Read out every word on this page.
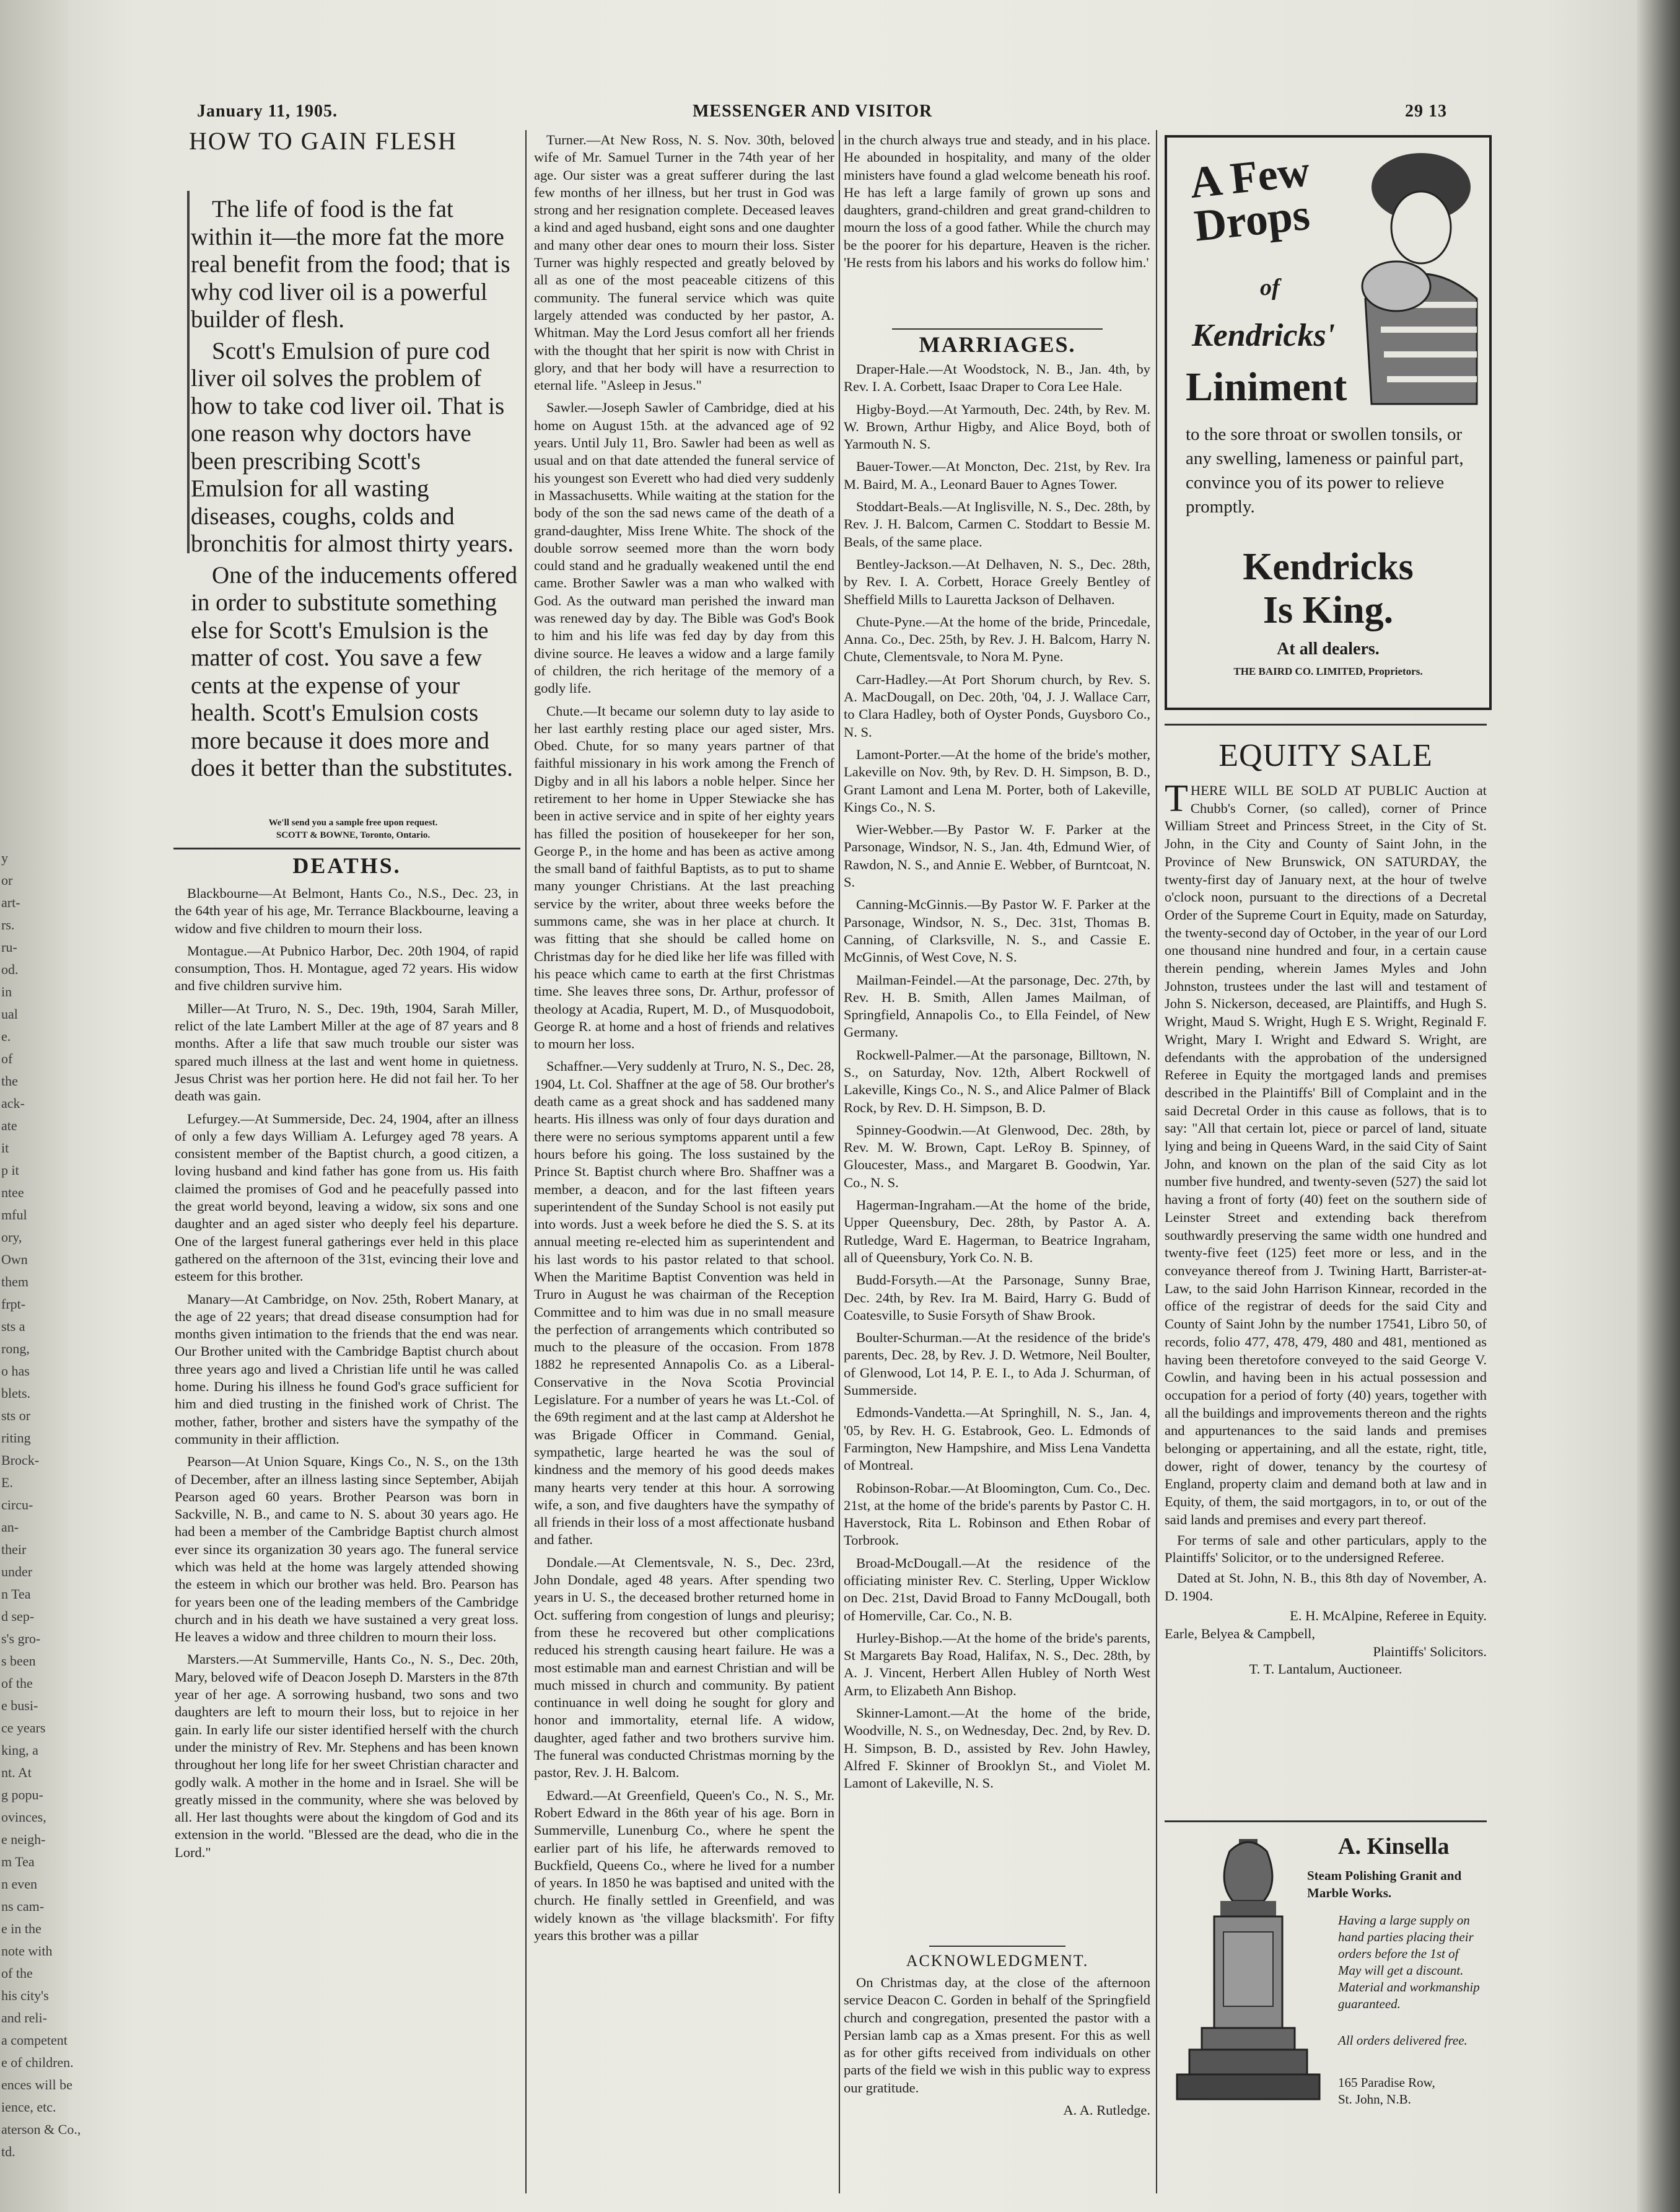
y
or
art-
rs.
ru-
od.
in
ual
e.
of
the
ack-
ate
it
p it
ntee
mful
ory,
Own
them
frpt-
sts a
rong,
o has
blets.
sts or
riting
Brock-
E.
circu-
an-
their
under
n Tea
d sep-
s's gro-
s been
of the
e busi-
ce years
king, a
nt. At
g popu-
ovinces,
e neigh-
m Tea
n even
ns cam-
e in the
note with
of the
his city's
and reli-
a competent
e of children.
ences will be
ience, etc.
aterson & Co.,
td.
January 11, 1905.	MESSENGER AND VISITOR	29 13
HOW TO GAIN FLESH

The life of food is the fat within it—the more fat the more real benefit from the food; that is why cod liver oil is a powerful builder of flesh.

Scott's Emulsion of pure cod liver oil solves the problem of how to take cod liver oil. That is one reason why doctors have been prescribing Scott's Emulsion for all wasting diseases, coughs, colds and bronchitis for almost thirty years.

One of the inducements offered in order to substitute something else for Scott's Emulsion is the matter of cost. You save a few cents at the expense of your health. Scott's Emulsion costs more because it does more and does it better than the substitutes.

We'll send you a sample free upon request.
SCOTT & BOWNE, Toronto, Ontario.
DEATHS.

Blackbourne—At Belmont, Hants Co., N.S., Dec. 23, in the 64th year of his age, Mr. Terrance Blackbourne, leaving a widow and five children to mourn their loss.

Montague.—At Pubnico Harbor, Dec. 20th 1904, of rapid consumption, Thos. H. Montague, aged 72 years. His widow and five children survive him.

Miller—At Truro, N. S., Dec. 19th, 1904, Sarah Miller, relict of the late Lambert Miller at the age of 87 years and 8 months. After a life that saw much trouble our sister was spared much illness at the last and went home in quietness. Jesus Christ was her portion here. He did not fail her. To her death was gain.

Lefurgey.—At Summerside, Dec. 24, 1904, after an illness of only a few days William A. Lefurgey aged 78 years. A consistent member of the Baptist church, a good citizen, a loving husband and kind father has gone from us. His faith claimed the promises of God and he peacefully passed into the great world beyond, leaving a widow, six sons and one daughter and an aged sister who deeply feel his departure. One of the largest funeral gatherings ever held in this place gathered on the afternoon of the 31st, evincing their love and esteem for this brother.

Manary—At Cambridge, on Nov. 25th, Robert Manary, at the age of 22 years; that dread disease consumption had for months given intimation to the friends that the end was near. Our Brother united with the Cambridge Baptist church about three years ago and lived a Christian life until he was called home. During his illness he found God's grace sufficient for him and died trusting in the finished work of Christ. The mother, father, brother and sisters have the sympathy of the community in their affliction.

Pearson—At Union Square, Kings Co., N. S., on the 13th of December, after an illness lasting since September, Abijah Pearson aged 60 years. Brother Pearson was born in Sackville, N. B., and came to N. S. about 30 years ago. He had been a member of the Cambridge Baptist church almost ever since its organization 30 years ago. The funeral service which was held at the home was largely attended showing the esteem in which our brother was held. Bro. Pearson has for years been one of the leading members of the Cambridge church and in his death we have sustained a very great loss. He leaves a widow and three children to mourn their loss.

Marsters.—At Summerville, Hants Co., N. S., Dec. 20th, Mary, beloved wife of Deacon Joseph D. Marsters in the 87th year of her age. A sorrowing husband, two sons and two daughters are left to mourn their loss, but to rejoice in her gain. In early life our sister identified herself with the church under the ministry of Rev. Mr. Stephens and has been known throughout her long life for her sweet Christian character and godly walk. A mother in the home and in Israel. She will be greatly missed in the community, where she was beloved by all. Her last thoughts were about the kingdom of God and its extension in the world. "Blessed are the dead, who die in the Lord."

Turner.—At New Ross, N. S. Nov. 30th, beloved wife of Mr. Samuel Turner in the 74th year of her age. Our sister was a great sufferer during the last few months of her illness, but her trust in God was strong and her resignation complete. Deceased leaves a kind and aged husband, eight sons and one daughter and many other dear ones to mourn their loss. Sister Turner was highly respected and greatly beloved by all as one of the most peaceable citizens of this community. The funeral service which was quite largely attended was conducted by her pastor, A. Whitman. May the Lord Jesus comfort all her friends with the thought that her spirit is now with Christ in glory, and that her body will have a resurrection to eternal life. "Asleep in Jesus."

Sawler.—Joseph Sawler of Cambridge, died at his home on August 15th. at the advanced age of 92 years. Until July 11, Bro. Sawler had been as well as usual and on that date attended the funeral service of his youngest son Everett who had died very suddenly in Massachusetts. While waiting at the station for the body of the son the sad news came of the death of a grand-daughter, Miss Irene White. The shock of the double sorrow seemed more than the worn body could stand and he gradually weakened until the end came. Brother Sawler was a man who walked with God. As the outward man perished the inward man was renewed day by day. The Bible was God's Book to him and his life was fed day by day from this divine source. He leaves a widow and a large family of children, the rich heritage of the memory of a godly life.

Chute.—It became our solemn duty to lay aside to her last earthly resting place our aged sister, Mrs. Obed. Chute, for so many years partner of that faithful missionary in his work among the French of Digby and in all his labors a noble helper. Since her retirement to her home in Upper Stewiacke she has been in active service and in spite of her eighty years has filled the position of housekeeper for her son, George P., in the home and has been as active among the small band of faithful Baptists, as to put to shame many younger Christians. At the last preaching service by the writer, about three weeks before the summons came, she was in her place at church. It was fitting that she should be called home on Christmas day for he died like her life was filled with his peace which came to earth at the first Christmas time. She leaves three sons, Dr. Arthur, professor of theology at Acadia, Rupert, M. D., of Musquodoboit, George R. at home and a host of friends and relatives to mourn her loss.

Schaffner.—Very suddenly at Truro, N. S., Dec. 28, 1904, Lt. Col. Shaffner at the age of 58. Our brother's death came as a great shock and has saddened many hearts. His illness was only of four days duration and there were no serious symptoms apparent until a few hours before his going. The loss sustained by the Prince St. Baptist church where Bro. Shaffner was a member, a deacon, and for the last fifteen years superintendent of the Sunday School is not easily put into words. Just a week before he died the S. S. at its annual meeting re-elected him as superintendent and his last words to his pastor related to that school. When the Maritime Baptist Convention was held in Truro in August he was chairman of the Reception Committee and to him was due in no small measure the perfection of arrangements which contributed so much to the pleasure of the occasion. From 1878 1882 he represented Annapolis Co. as a Liberal-Conservative in the Nova Scotia Provincial Legislature. For a number of years he was Lt.-Col. of the 69th regiment and at the last camp at Aldershot he was Brigade Officer in Command. Genial, sympathetic, large hearted he was the soul of kindness and the memory of his good deeds makes many hearts very tender at this hour. A sorrowing wife, a son, and five daughters have the sympathy of all friends in their loss of a most affectionate husband and father.

Dondale.—At Clementsvale, N. S., Dec. 23rd, John Dondale, aged 48 years. After spending two years in U. S., the deceased brother returned home in Oct. suffering from congestion of lungs and pleurisy; from these he recovered but other complications reduced his strength causing heart failure. He was a most estimable man and earnest Christian and will be much missed in church and community. By patient continuance in well doing he sought for glory and honor and immortality, eternal life. A widow, daughter, aged father and two brothers survive him. The funeral was conducted Christmas morning by the pastor, Rev. J. H. Balcom.

Edward.—At Greenfield, Queen's Co., N. S., Mr. Robert Edward in the 86th year of his age. Born in Summerville, Lunenburg Co., where he spent the earlier part of his life, he afterwards removed to Buckfield, Queens Co., where he lived for a number of years. In 1850 he was baptised and united with the church. He finally settled in Greenfield, and was widely known as 'the village blacksmith'. For fifty years this brother was a pillar

in the church always true and steady, and in his place. He abounded in hospitality, and many of the older ministers have found a glad welcome beneath his roof. He has left a large family of grown up sons and daughters, grand-children and great grand-children to mourn the loss of a good father. While the church may be the poorer for his departure, Heaven is the richer. 'He rests from his labors and his works do follow him.'

MARRIAGES.

Draper-Hale.—At Woodstock, N. B., Jan. 4th, by Rev. I. A. Corbett, Isaac Draper to Cora Lee Hale.

Higby-Boyd.—At Yarmouth, Dec. 24th, by Rev. M. W. Brown, Arthur Higby, and Alice Boyd, both of Yarmouth N. S.

Bauer-Tower.—At Moncton, Dec. 21st, by Rev. Ira M. Baird, M. A., Leonard Bauer to Agnes Tower.

Stoddart-Beals.—At Inglisville, N. S., Dec. 28th, by Rev. J. H. Balcom, Carmen C. Stoddart to Bessie M. Beals, of the same place.

Bentley-Jackson.—At Delhaven, N. S., Dec. 28th, by Rev. I. A. Corbett, Horace Greely Bentley of Sheffield Mills to Lauretta Jackson of Delhaven.

Chute-Pyne.—At the home of the bride, Princedale, Anna. Co., Dec. 25th, by Rev. J. H. Balcom, Harry N. Chute, Clementsvale, to Nora M. Pyne.

Carr-Hadley.—At Port Shorum church, by Rev. S. A. MacDougall, on Dec. 20th, '04, J. J. Wallace Carr, to Clara Hadley, both of Oyster Ponds, Guysboro Co., N. S.

Lamont-Porter.—At the home of the bride's mother, Lakeville on Nov. 9th, by Rev. D. H. Simpson, B. D., Grant Lamont and Lena M. Porter, both of Lakeville, Kings Co., N. S.

Wier-Webber.—By Pastor W. F. Parker at the Parsonage, Windsor, N. S., Jan. 4th, Edmund Wier, of Rawdon, N. S., and Annie E. Webber, of Burntcoat, N. S.

Canning-McGinnis.—By Pastor W. F. Parker at the Parsonage, Windsor, N. S., Dec. 31st, Thomas B. Canning, of Clarksville, N. S., and Cassie E. McGinnis, of West Cove, N. S.

Mailman-Feindel.—At the parsonage, Dec. 27th, by Rev. H. B. Smith, Allen James Mailman, of Springfield, Annapolis Co., to Ella Feindel, of New Germany.

Rockwell-Palmer.—At the parsonage, Billtown, N. S., on Saturday, Nov. 12th, Albert Rockwell of Lakeville, Kings Co., N. S., and Alice Palmer of Black Rock, by Rev. D. H. Simpson, B. D.

Spinney-Goodwin.—At Glenwood, Dec. 28th, by Rev. M. W. Brown, Capt. LeRoy B. Spinney, of Gloucester, Mass., and Margaret B. Goodwin, Yar. Co., N. S.

Hagerman-Ingraham.—At the home of the bride, Upper Queensbury, Dec. 28th, by Pastor A. A. Rutledge, Ward E. Hagerman, to Beatrice Ingraham, all of Queensbury, York Co. N. B.

Budd-Forsyth.—At the Parsonage, Sunny Brae, Dec. 24th, by Rev. Ira M. Baird, Harry G. Budd of Coatesville, to Susie Forsyth of Shaw Brook.

Boulter-Schurman.—At the residence of the bride's parents, Dec. 28, by Rev. J. D. Wetmore, Neil Boulter, of Glenwood, Lot 14, P. E. I., to Ada J. Schurman, of Summerside.

Edmonds-Vandetta.—At Springhill, N. S., Jan. 4, '05, by Rev. H. G. Estabrook, Geo. L. Edmonds of Farmington, New Hampshire, and Miss Lena Vandetta of Montreal.

Robinson-Robar.—At Bloomington, Cum. Co., Dec. 21st, at the home of the bride's parents by Pastor C. H. Haverstock, Rita L. Robinson and Ethen Robar of Torbrook.

Broad-McDougall.—At the residence of the officiating minister Rev. C. Sterling, Upper Wicklow on Dec. 21st, David Broad to Fanny McDougall, both of Homerville, Car. Co., N. B.

Hurley-Bishop.—At the home of the bride's parents, St Margarets Bay Road, Halifax, N. S., Dec. 28th, by A. J. Vincent, Herbert Allen Hubley of North West Arm, to Elizabeth Ann Bishop.

Skinner-Lamont.—At the home of the bride, Woodville, N. S., on Wednesday, Dec. 2nd, by Rev. D. H. Simpson, B. D., assisted by Rev. John Hawley, Alfred F. Skinner of Brooklyn St., and Violet M. Lamont of Lakeville, N. S.

ACKNOWLEDGMENT.

On Christmas day, at the close of the afternoon service Deacon C. Gorden in behalf of the Springfield church and congregation, presented the pastor with a Persian lamb cap as a Xmas present. For this as well as for other gifts received from individuals on other parts of the field we wish in this public way to express our gratitude.

A. A. Rutledge.
A Few
Drops
of
Kendricks'
Liniment
to the sore throat or swollen tonsils, or any swelling, lameness or painful part, convince you of its power to relieve promptly.
Kendricks
Is King.
At all dealers.
THE BAIRD CO. LIMITED, Proprietors.
EQUITY SALE

THERE WILL BE SOLD AT PUBLIC Auction at Chubb's Corner, (so called), corner of Prince William Street and Princess Street, in the City of St. John, in the City and County of Saint John, in the Province of New Brunswick, ON SATURDAY, the twenty-first day of January next, at the hour of twelve o'clock noon, pursuant to the directions of a Decretal Order of the Supreme Court in Equity, made on Saturday, the twenty-second day of October, in the year of our Lord one thousand nine hundred and four, in a certain cause therein pending, wherein James Myles and John Johnston, trustees under the last will and testament of John S. Nickerson, deceased, are Plaintiffs, and Hugh S. Wright, Maud S. Wright, Hugh E S. Wright, Reginald F. Wright, Mary I. Wright and Edward S. Wright, are defendants with the approbation of the undersigned Referee in Equity the mortgaged lands and premises described in the Plaintiffs' Bill of Complaint and in the said Decretal Order in this cause as follows, that is to say: "All that certain lot, piece or parcel of land, situate lying and being in Queens Ward, in the said City of Saint John, and known on the plan of the said City as lot number five hundred, and twenty-seven (527) the said lot having a front of forty (40) feet on the southern side of Leinster Street and extending back therefrom southwardly preserving the same width one hundred and twenty-five feet (125) feet more or less, and in the conveyance thereof from J. Twining Hartt, Barrister-at-Law, to the said John Harrison Kinnear, recorded in the office of the registrar of deeds for the said City and County of Saint John by the number 17541, Libro 50, of records, folio 477, 478, 479, 480 and 481, mentioned as having been theretofore conveyed to the said George V. Cowlin, and having been in his actual possession and occupation for a period of forty (40) years, together with all the buildings and improvements thereon and the rights and appurtenances to the said lands and premises belonging or appertaining, and all the estate, right, title, dower, right of dower, tenancy by the courtesy of England, property claim and demand both at law and in Equity, of them, the said mortgagors, in to, or out of the said lands and premises and every part thereof.

For terms of sale and other particulars, apply to the Plaintiffs' Solicitor, or to the undersigned Referee.

Dated at St. John, N. B., this 8th day of November, A. D. 1904.

E. H. McAlpine, Referee in Equity.
Earle, Belyea & Campbell,
Plaintiffs' Solicitors.
T. T. Lantalum, Auctioneer.
A. Kinsella
Steam Polishing Granit and Marble Works.
Having a large supply on hand parties placing their orders before the 1st of May will get a discount. Material and workmanship guaranteed.
All orders delivered free.
165 Paradise Row,
St. John, N.B.
